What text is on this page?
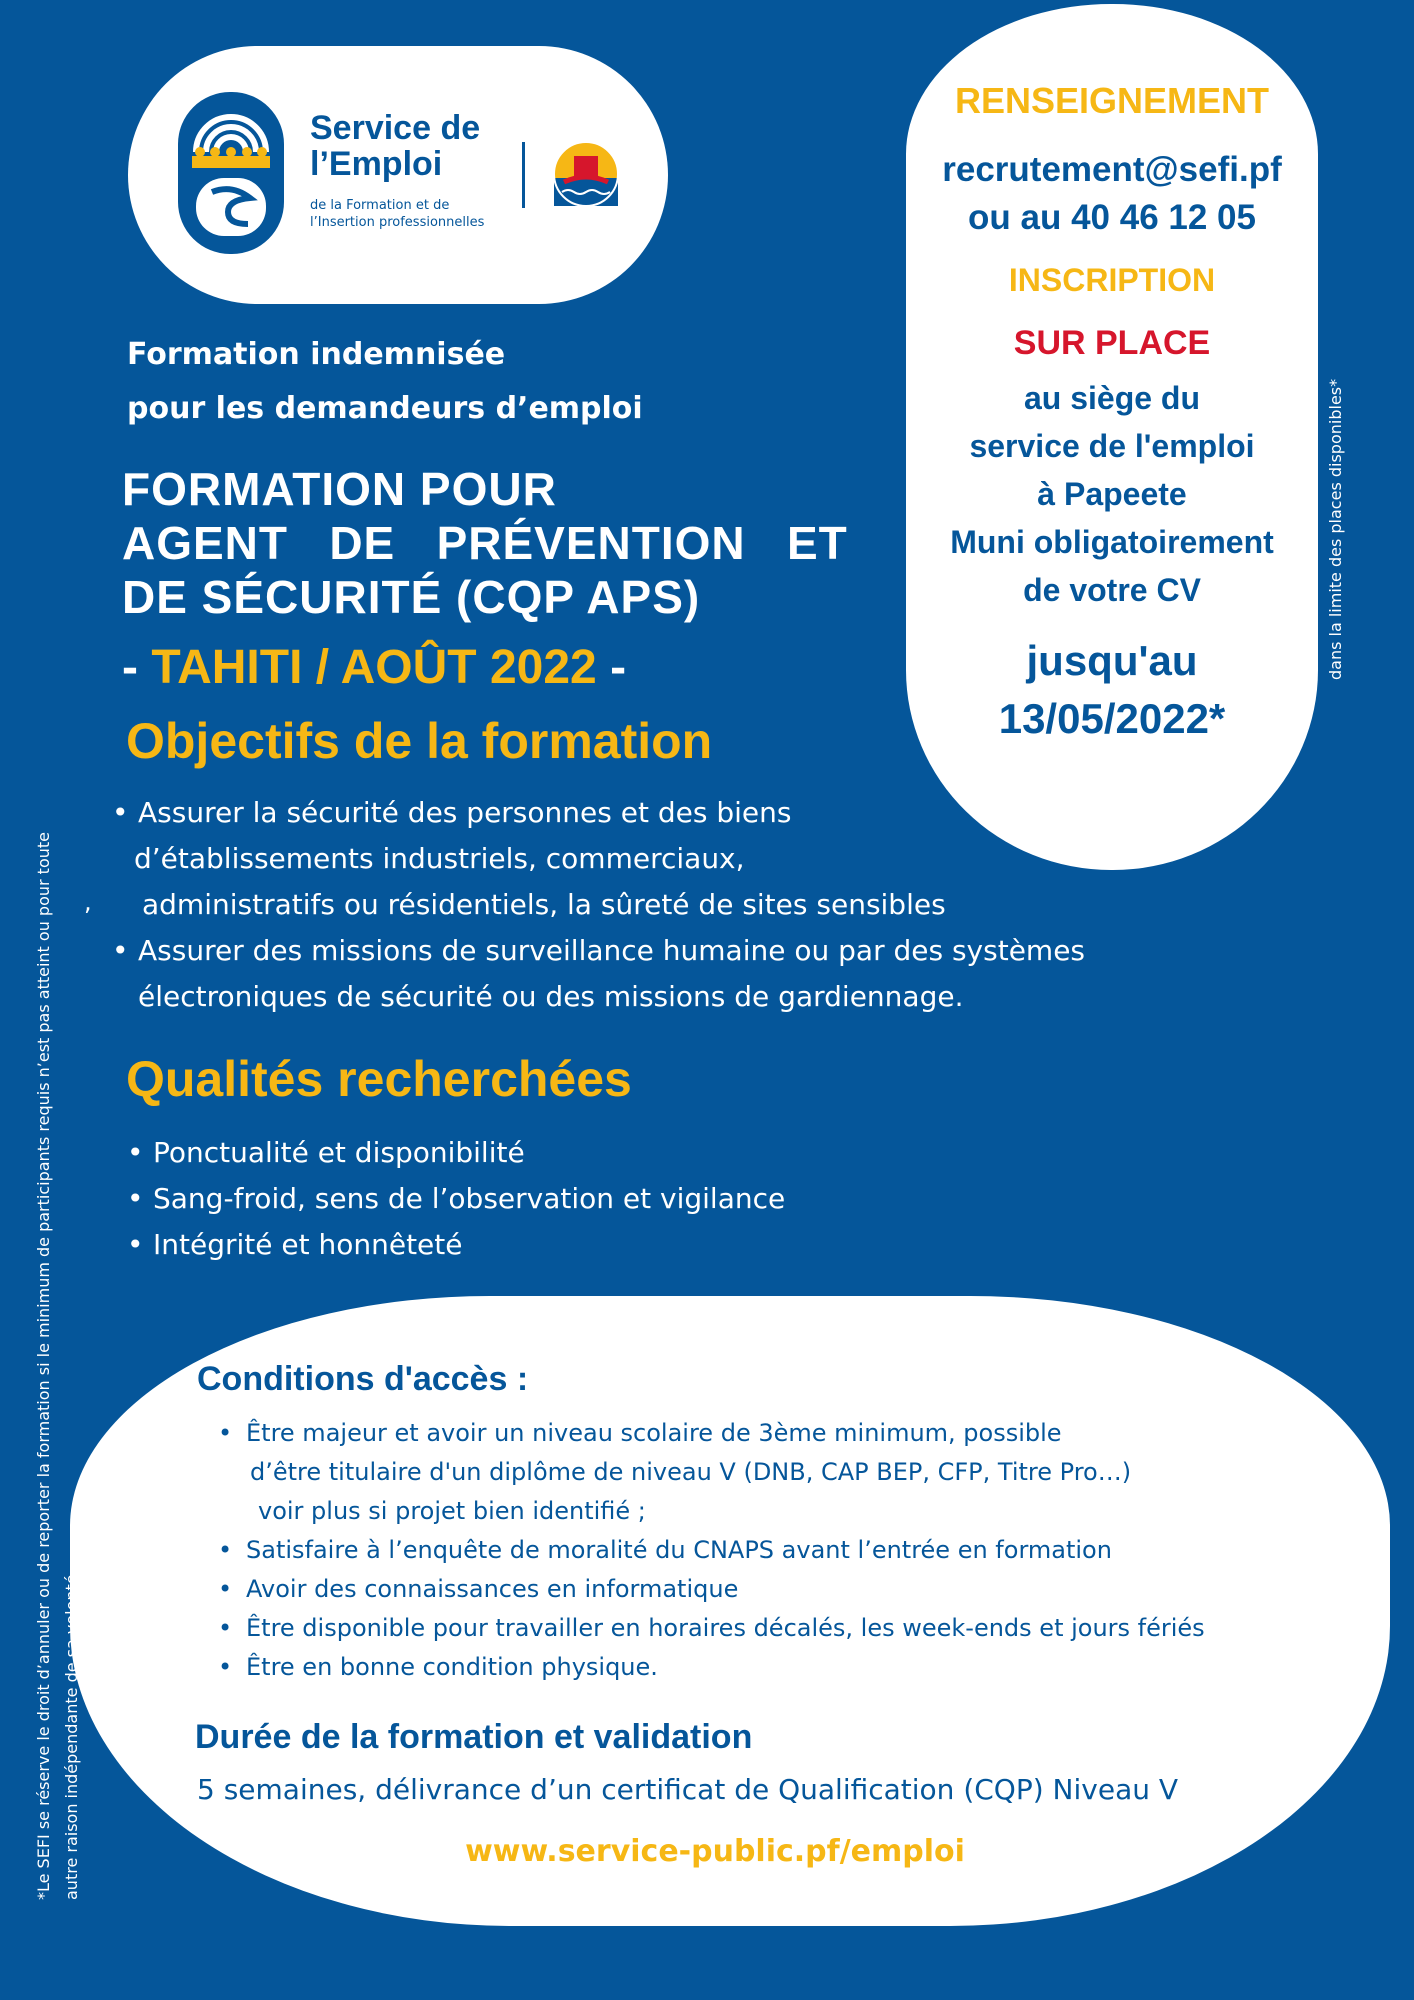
Service de
l’Emploi
de la Formation et de
l’Insertion professionnelles
RENSEIGNEMENT
recrutement@sefi.pf
ou au 40 46 12 05
INSCRIPTION
SUR PLACE
au siège du
service de l'emploi
à Papeete
Muni obligatoirement
de votre CV
jusqu'au
13/05/2022*
dans la limite des places disponibles*
*Le SEFI se réserve le droit d’annuler ou de reporter la formation si le minimum de participants requis n’est pas atteint ou pour toute autre raison indépendante de sa volonté
Formation indemnisée
pour les demandeurs d’emploi
FORMATION POUR
AGENT   DE   PRÉVENTION   ET
DE SÉCURITÉ (CQP APS)
- TAHITI / AOÛT 2022 -
Objectifs de la formation
• Assurer la sécurité des personnes et des biens
d’établissements industriels, commerciaux,
administratifs ou résidentiels, la sûreté de sites sensibles
• Assurer des missions de surveillance humaine ou par des systèmes
électroniques de sécurité ou des missions de gardiennage.
,
Qualités recherchées
• Ponctualité et disponibilité
• Sang-froid, sens de l’observation et vigilance
• Intégrité et honnêteté
Conditions d'accès :
• Être majeur et avoir un niveau scolaire de 3ème minimum, possible
d’être titulaire d'un diplôme de niveau V (DNB, CAP BEP, CFP, Titre Pro…)
voir plus si projet bien identifié ;
• Satisfaire à l’enquête de moralité du CNAPS avant l’entrée en formation
• Avoir des connaissances en informatique
• Être disponible pour travailler en horaires décalés, les week-ends et jours fériés
• Être en bonne condition physique.
Durée de la formation et validation
5 semaines, délivrance d’un certificat de Qualification (CQP) Niveau V
www.service-public.pf/emploi
